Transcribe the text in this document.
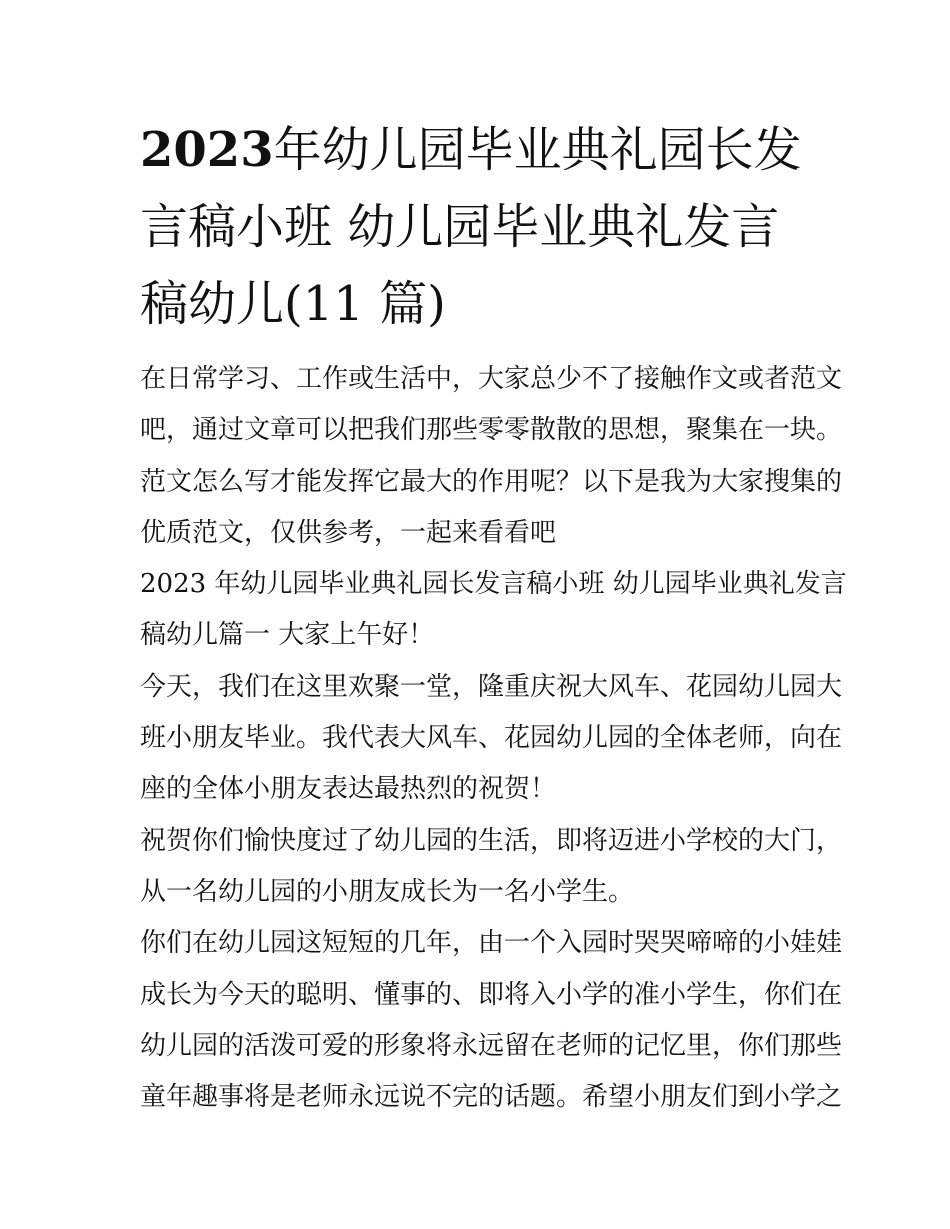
2023年幼儿园毕业典礼园长发
言稿小班 幼儿园毕业典礼发言
稿幼儿(11 篇)
在日常学习、工作或生活中，大家总少不了接触作文或者范文
吧，通过文章可以把我们那些零零散散的思想，聚集在一块。
范文怎么写才能发挥它最大的作用呢？以下是我为大家搜集的
优质范文，仅供参考，一起来看看吧
2023 年幼儿园毕业典礼园长发言稿小班 幼儿园毕业典礼发言
稿幼儿篇一 大家上午好！
今天，我们在这里欢聚一堂，隆重庆祝大风车、花园幼儿园大
班小朋友毕业。我代表大风车、花园幼儿园的全体老师，向在
座的全体小朋友表达最热烈的祝贺！
祝贺你们愉快度过了幼儿园的生活，即将迈进小学校的大门，
从一名幼儿园的小朋友成长为一名小学生。
你们在幼儿园这短短的几年，由一个入园时哭哭啼啼的小娃娃
成长为今天的聪明、懂事的、即将入小学的准小学生，你们在
幼儿园的活泼可爱的形象将永远留在老师的记忆里，你们那些
童年趣事将是老师永远说不完的话题。希望小朋友们到小学之
